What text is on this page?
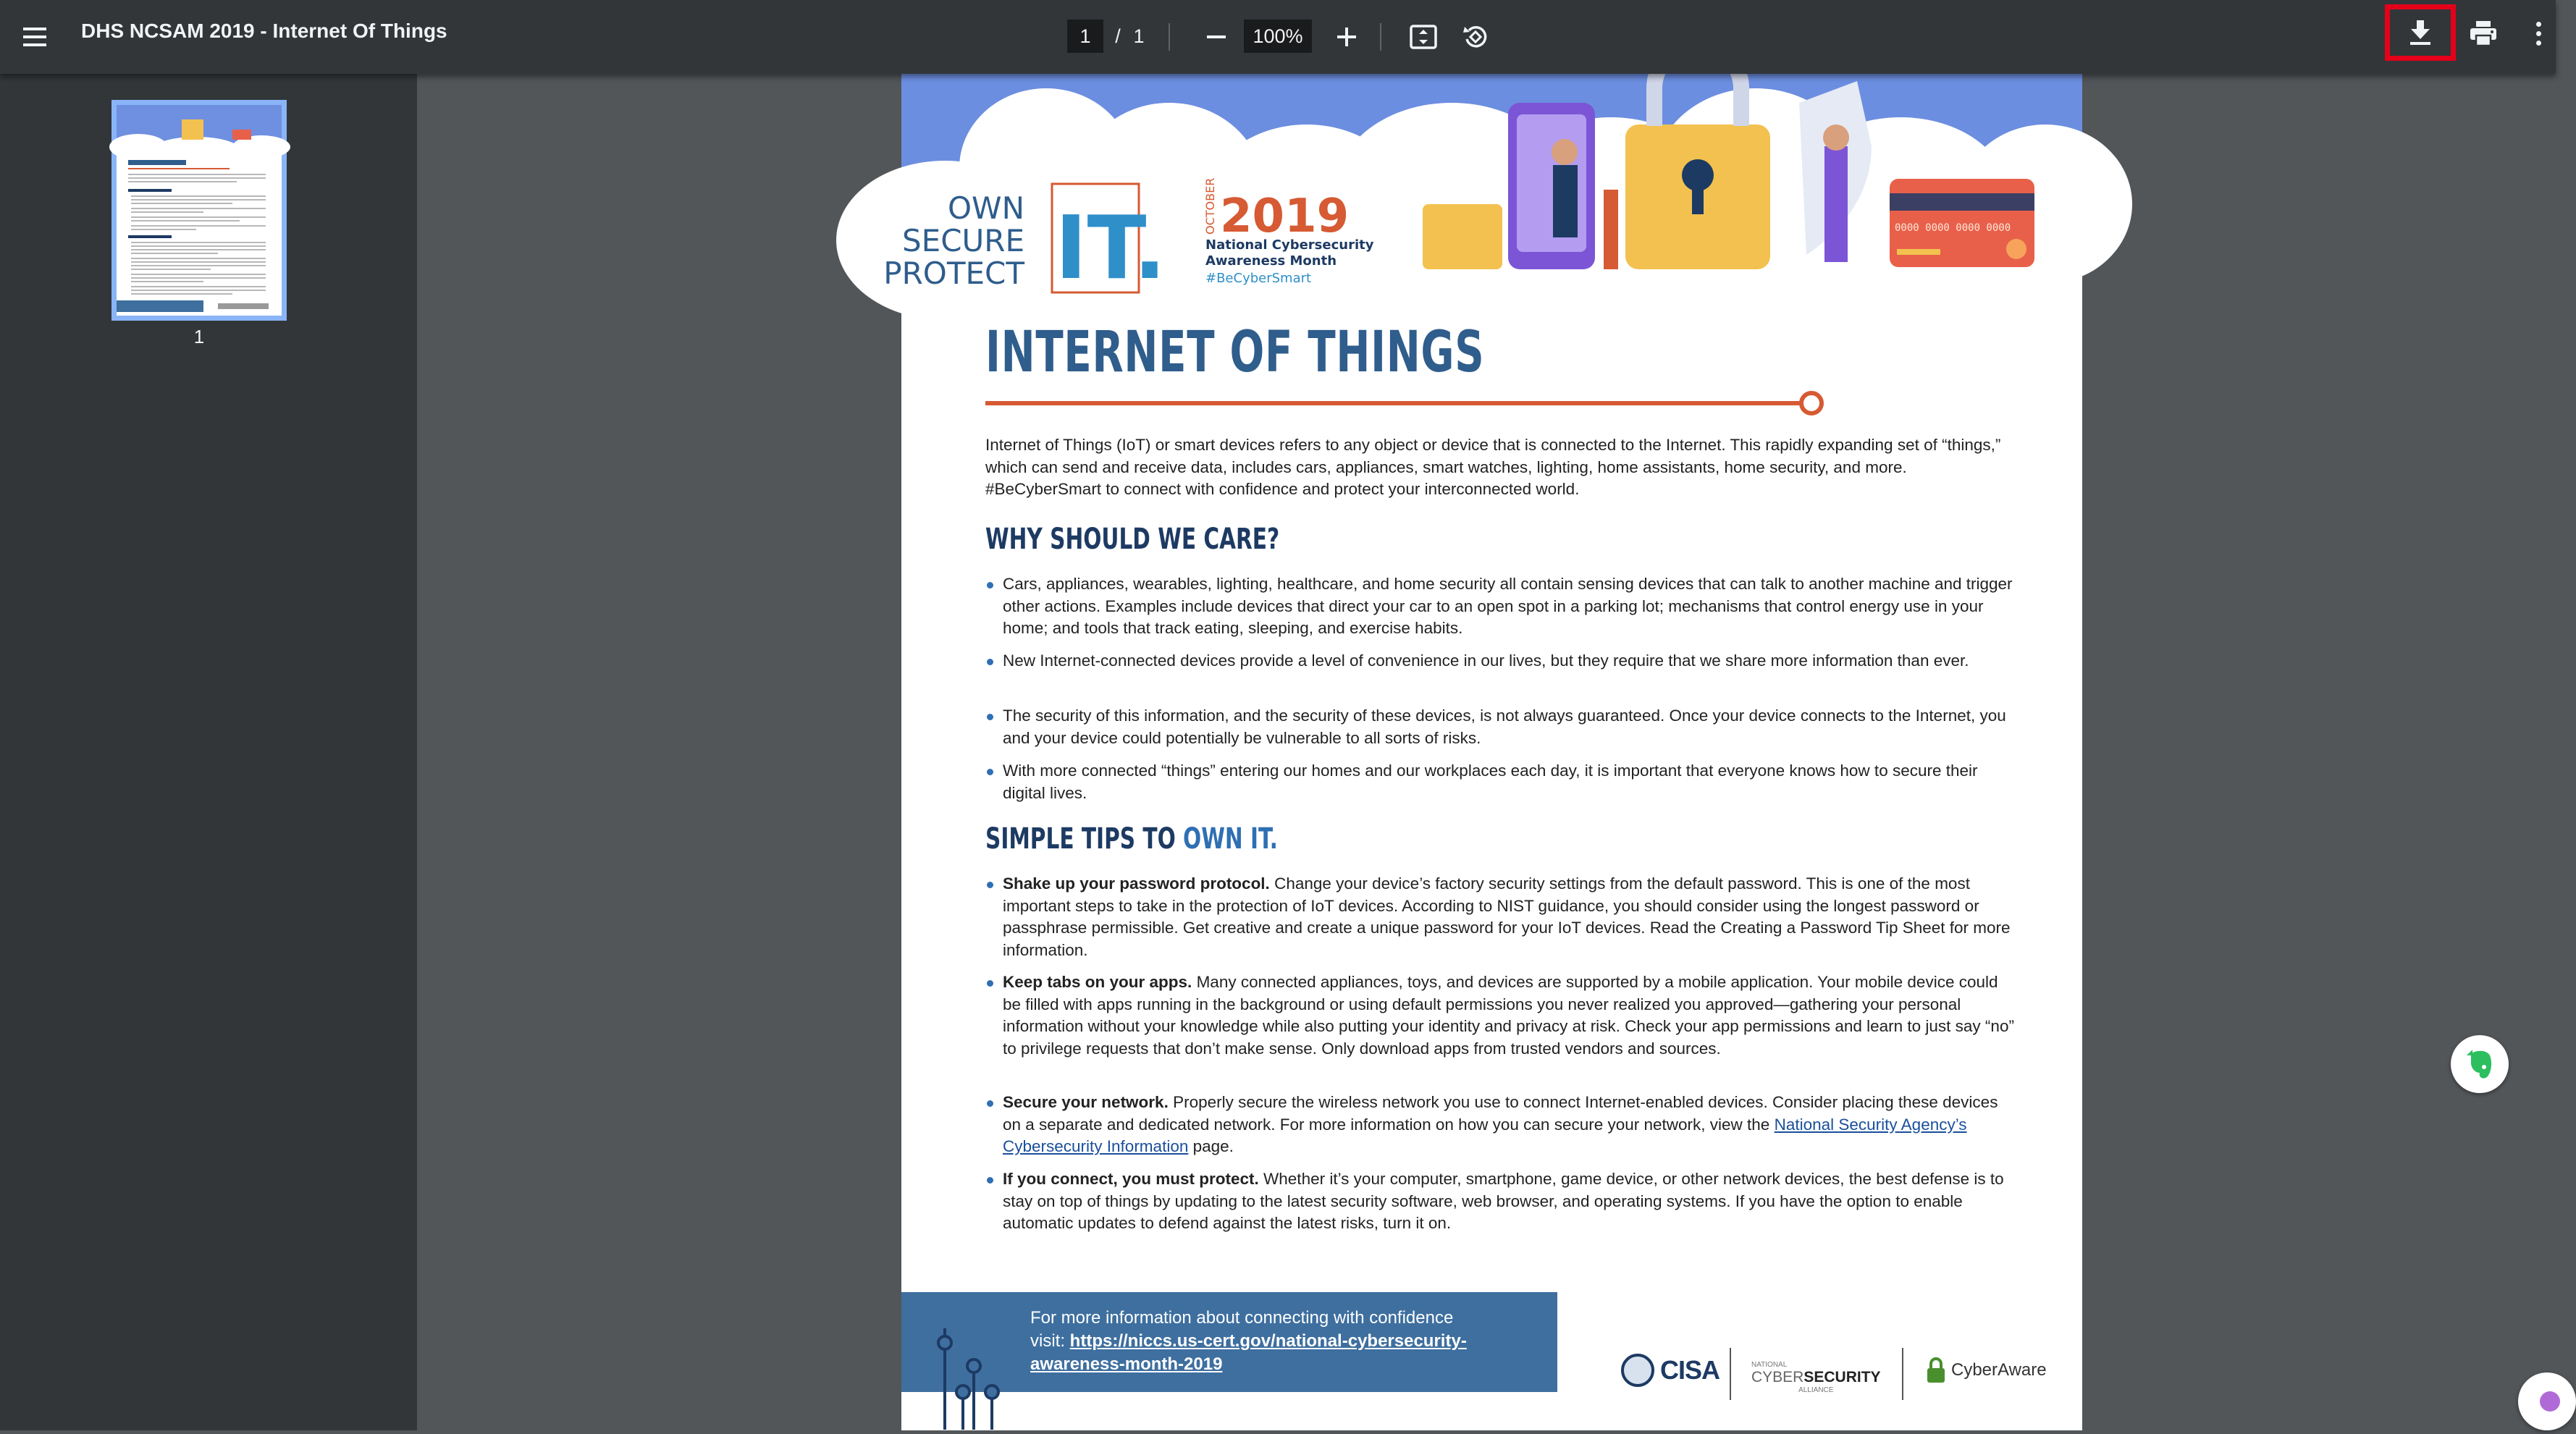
DHS NCSAM 2019 - Internet Of Things	1	/ 1	100%
1
OWN
SECURE
PROTECT IT.	OCTOBER 2019
National Cybersecurity
Awareness Month
#BeCyberSmart
0000 0000 0000 0000
INTERNET OF THINGS
Internet of Things (IoT) or smart devices refers to any object or device that is connected to the Internet. This rapidly expanding set of “things,” which can send and receive data, includes cars, appliances, smart watches, lighting, home assistants, home security, and more. #BeCyberSmart to connect with confidence and protect your interconnected world.
WHY SHOULD WE CARE?
Cars, appliances, wearables, lighting, healthcare, and home security all contain sensing devices that can talk to another machine and trigger other actions. Examples include devices that direct your car to an open spot in a parking lot; mechanisms that control energy use in your home; and tools that track eating, sleeping, and exercise habits.
New Internet-connected devices provide a level of convenience in our lives, but they require that we share more information than ever.
The security of this information, and the security of these devices, is not always guaranteed. Once your device connects to the Internet, you and your device could potentially be vulnerable to all sorts of risks.
With more connected “things” entering our homes and our workplaces each day, it is important that everyone knows how to secure their digital lives.
SIMPLE TIPS TO OWN IT.
Shake up your password protocol. Change your device’s factory security settings from the default password. This is one of the most important steps to take in the protection of IoT devices. According to NIST guidance, you should consider using the longest password or passphrase permissible. Get creative and create a unique password for your IoT devices. Read the Creating a Password Tip Sheet for more information.
Keep tabs on your apps. Many connected appliances, toys, and devices are supported by a mobile application. Your mobile device could be filled with apps running in the background or using default permissions you never realized you approved—gathering your personal information without your knowledge while also putting your identity and privacy at risk. Check your app permissions and learn to just say “no” to privilege requests that don’t make sense. Only download apps from trusted vendors and sources.
Secure your network. Properly secure the wireless network you use to connect Internet-enabled devices. Consider placing these devices on a separate and dedicated network. For more information on how you can secure your network, view the National Security Agency’s Cybersecurity Information page.
If you connect, you must protect. Whether it’s your computer, smartphone, game device, or other network devices, the best defense is to stay on top of things by updating to the latest security software, web browser, and operating systems. If you have the option to enable automatic updates to defend against the latest risks, turn it on.
For more information about connecting with confidence
visit: https://niccs.us-cert.gov/national-cybersecurity-awareness-month-2019	CISA	NATIONAL
CYBERSECURITY
ALLIANCE
CyberAware
